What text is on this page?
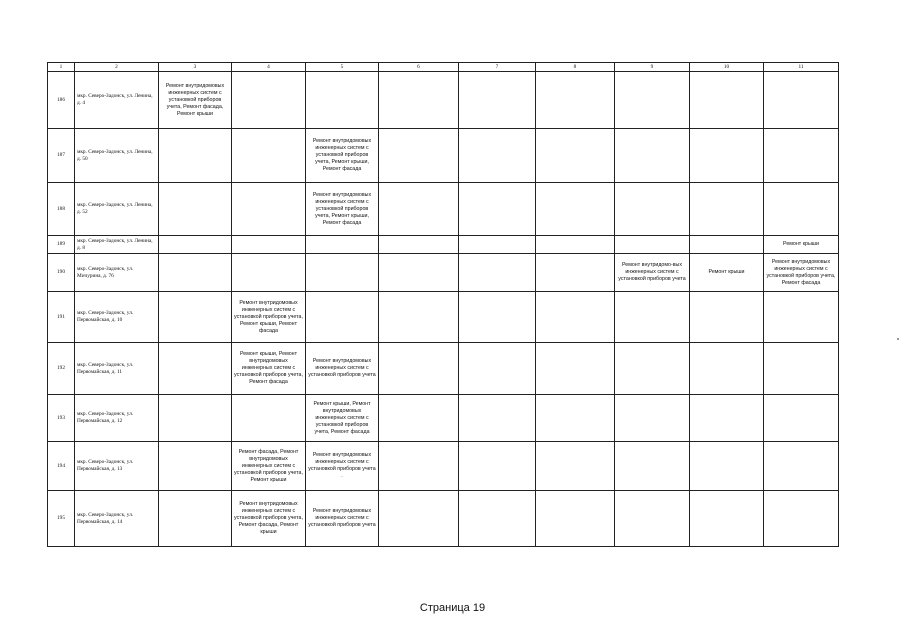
1	2	3	4	5	6	7	8	9	10	11
186	мкр. Северо-Задонск, ул. Ленина, д. 4	Ремонт внутридомовых инженерных систем с установкой приборов учета, Ремонт фасада, Ремонт крыши								
187	мкр. Северо-Задонск, ул. Ленина, д. 50			Ремонт внутридомовых инженерных систем с установкой приборов учета, Ремонт крыши, Ремонт фасада						
188	мкр. Северо-Задонск, ул. Ленина, д. 52			Ремонт внутридомовых инженерных систем с установкой приборов учета, Ремонт крыши, Ремонт фасада						
189	мкр. Северо-Задонск, ул. Ленина, д. 8									Ремонт крыши
190	мкр. Северо-Задонск, ул. Мичурина, д. 76							Ремонт внутридомо-вых инженерных систем с установкой приборов учета	Ремонт крыши	Ремонт внутридомовых инженерных систем с установкой приборов учета, Ремонт фасада
191	мкр. Северо-Задонск, ул. Первомайская, д. 10		Ремонт внутридомовых инженерных систем с установкой приборов учета, Ремонт крыши, Ремонт фасада							
192	мкр. Северо-Задонск, ул. Первомайская, д. 11		Ремонт крыши, Ремонт внутридомовых инженерных систем с установкой приборов учета, Ремонт фасада	Ремонт внутридомовых инженерных систем с установкой приборов учета						
193	мкр. Северо-Задонск, ул. Первомайская, д. 12			Ремонт крыши, Ремонт внутридомовых инженерных систем с установкой приборов учета, Ремонт фасада						
194	мкр. Северо-Задонск, ул. Первомайская, д. 13		Ремонт фасада, Ремонт внутридомовых инженерных систем с установкой приборов учета, Ремонт крыши	Ремонт внутридомовых инженерных систем с установкой приборов учета .						
195	мкр. Северо-Задонск, ул. Первомайская, д. 14		Ремонт внутридомовых инженерных систем с установкой приборов учета, Ремонт фасада, Ремонт крыши	Ремонт внутридомовых инженерных систем с установкой приборов учета						
Страница 19
